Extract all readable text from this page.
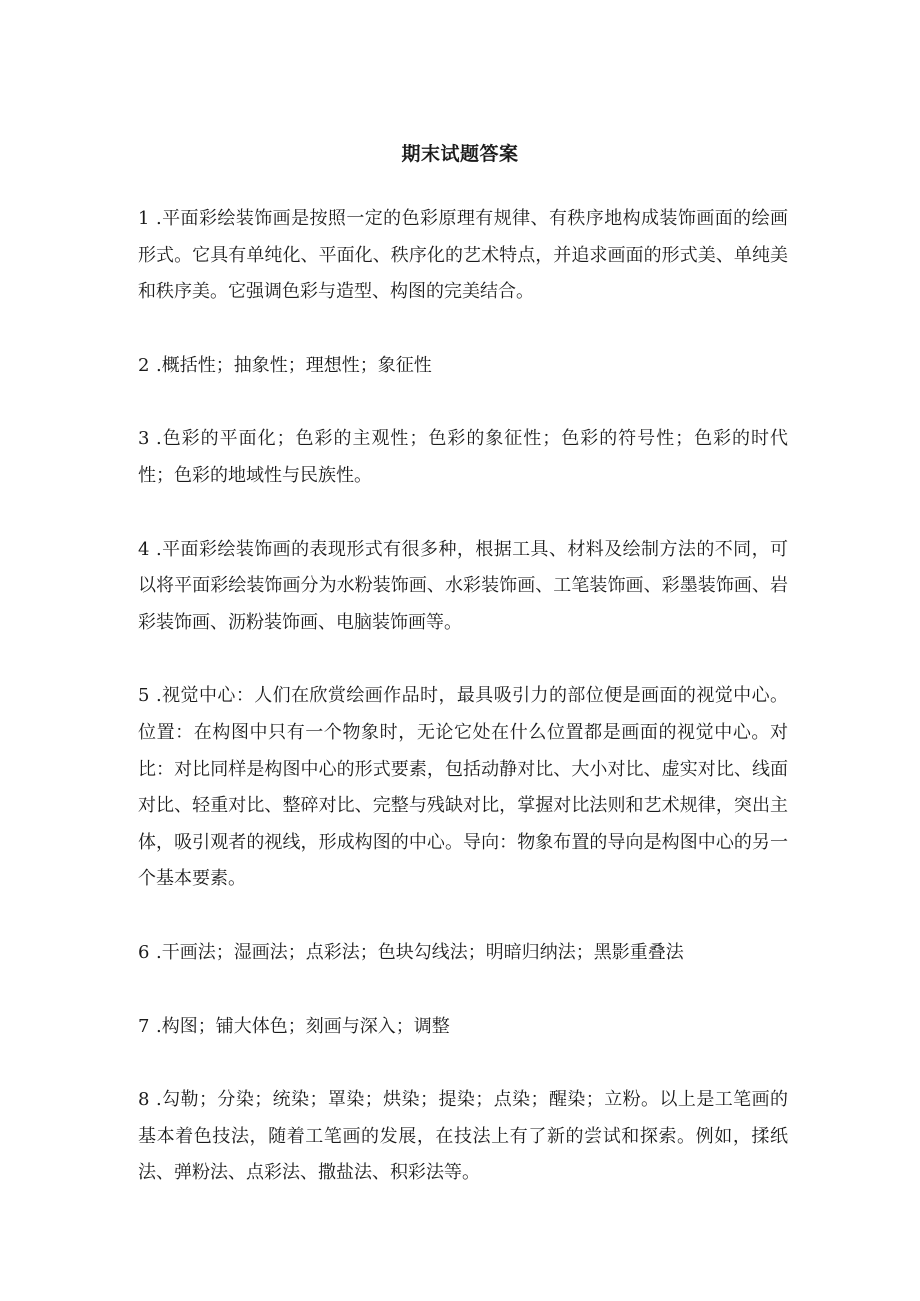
期末试题答案
1 .平面彩绘装饰画是按照一定的色彩原理有规律、有秩序地构成装饰画面的绘画形式。它具有单纯化、平面化、秩序化的艺术特点，并追求画面的形式美、单纯美和秩序美。它强调色彩与造型、构图的完美结合。
2 .概括性；抽象性；理想性；象征性
3 .色彩的平面化；色彩的主观性；色彩的象征性；色彩的符号性；色彩的时代性；色彩的地域性与民族性。
4 .平面彩绘装饰画的表现形式有很多种，根据工具、材料及绘制方法的不同，可以将平面彩绘装饰画分为水粉装饰画、水彩装饰画、工笔装饰画、彩墨装饰画、岩彩装饰画、沥粉装饰画、电脑装饰画等。
5 .视觉中心：人们在欣赏绘画作品时，最具吸引力的部位便是画面的视觉中心。位置：在构图中只有一个物象时，无论它处在什么位置都是画面的视觉中心。对比：对比同样是构图中心的形式要素，包括动静对比、大小对比、虚实对比、线面对比、轻重对比、整碎对比、完整与残缺对比，掌握对比法则和艺术规律，突出主体，吸引观者的视线，形成构图的中心。导向：物象布置的导向是构图中心的另一个基本要素。
6 .干画法；湿画法；点彩法；色块勾线法；明暗归纳法；黑影重叠法
7 .构图；铺大体色；刻画与深入；调整
8 .勾勒；分染；统染；罩染；烘染；提染；点染；醒染；立粉。以上是工笔画的基本着色技法，随着工笔画的发展，在技法上有了新的尝试和探索。例如，揉纸法、弹粉法、点彩法、撒盐法、积彩法等。
